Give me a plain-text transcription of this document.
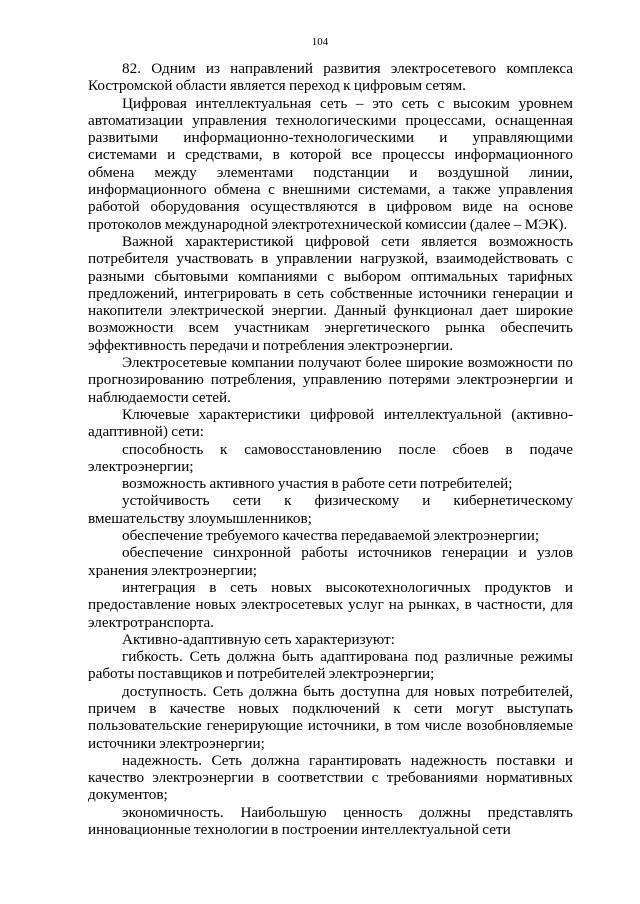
104

82. Одним из направлений развития электросетевого комплекса Костромской области является переход к цифровым сетям.

Цифровая интеллектуальная сеть – это сеть с высоким уровнем автоматизации управления технологическими процессами, оснащенная развитыми информационно-технологическими и управляющими системами и средствами, в которой все процессы информационного обмена между элементами подстанции и воздушной линии, информационного обмена с внешними системами, а также управления работой оборудования осуществляются в цифровом виде на основе протоколов международной электротехнической комиссии (далее – МЭК).

Важной характеристикой цифровой сети является возможность потребителя участвовать в управлении нагрузкой, взаимодействовать с разными сбытовыми компаниями с выбором оптимальных тарифных предложений, интегрировать в сеть собственные источники генерации и накопители электрической энергии. Данный функционал дает широкие возможности всем участникам энергетического рынка обеспечить эффективность передачи и потребления электроэнергии.

Электросетевые компании получают более широкие возможности по прогнозированию потребления, управлению потерями электроэнергии и наблюдаемости сетей.

Ключевые характеристики цифровой интеллектуальной (активно-адаптивной) сети:

способность к самовосстановлению после сбоев в подаче электроэнергии;

возможность активного участия в работе сети потребителей;

устойчивость сети к физическому и кибернетическому вмешательству злоумышленников;

обеспечение требуемого качества передаваемой электроэнергии;

обеспечение синхронной работы источников генерации и узлов хранения электроэнергии;

интеграция в сеть новых высокотехнологичных продуктов и предоставление новых электросетевых услуг на рынках, в частности, для электротранспорта.

Активно-адаптивную сеть характеризуют:

гибкость. Сеть должна быть адаптирована под различные режимы работы поставщиков и потребителей электроэнергии;

доступность. Сеть должна быть доступна для новых потребителей, причем в качестве новых подключений к сети могут выступать пользовательские генерирующие источники, в том числе возобновляемые источники электроэнергии;

надежность. Сеть должна гарантировать надежность поставки и качество электроэнергии в соответствии с требованиями нормативных документов;

экономичность. Наибольшую ценность должны представлять инновационные технологии в построении интеллектуальной сети
